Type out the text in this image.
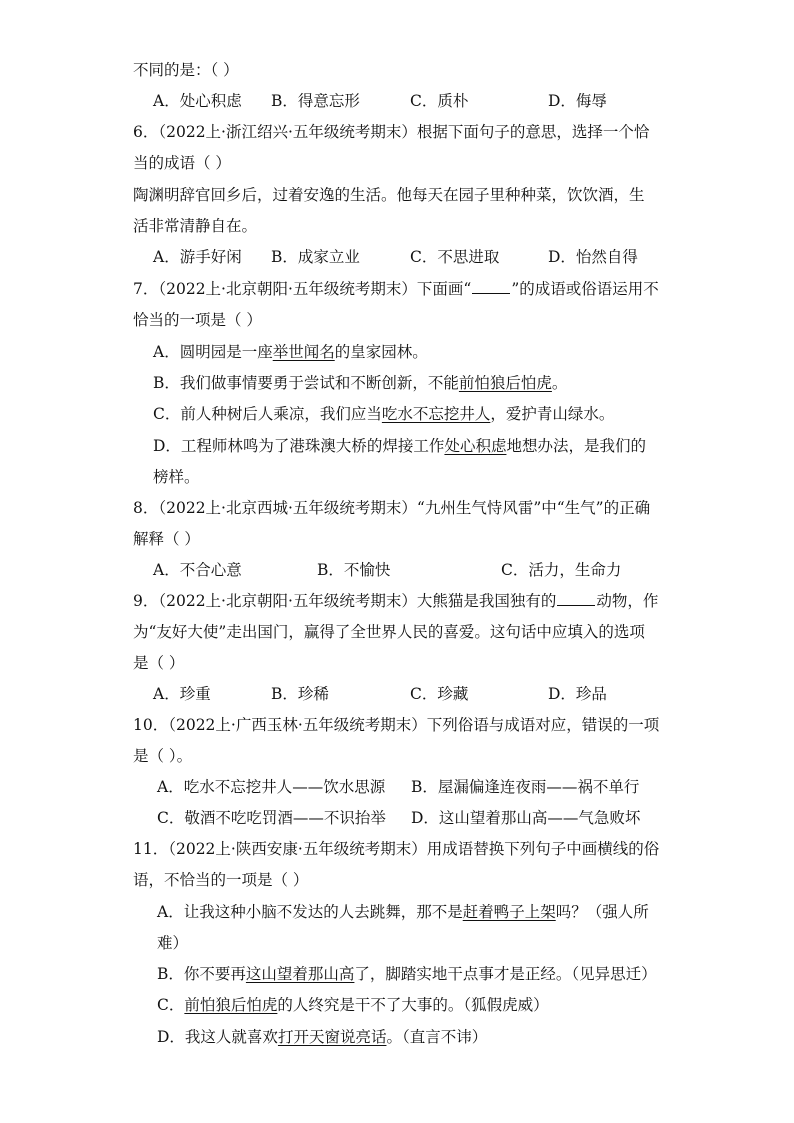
不同的是：（ ）
A．处心积虑 B．得意忘形	C．质朴	D．侮辱
6．（2022上·浙江绍兴·五年级统考期末）根据下面句子的意思，选择一个恰
当的成语（ ）
陶渊明辞官回乡后，过着安逸的生活。他每天在园子里种种菜，饮饮酒，生
活非常清静自在。
A．游手好闲 B．成家立业	C．不思进取	D．怡然自得
7．（2022上·北京朝阳·五年级统考期末）下面画“	”的成语或俗语运用不
恰当的一项是（ ）
A．圆明园是一座举世闻名的皇家园林。
B．我们做事情要勇于尝试和不断创新，不能前怕狼后怕虎。
C．前人种树后人乘凉，我们应当吃水不忘挖井人，爱护青山绿水。
D．工程师林鸣为了港珠澳大桥的焊接工作处心积虑地想办法，是我们的
榜样。
8．（2022上·北京西城·五年级统考期末）“九州生气恃风雷”中“生气”的正确
解释（ ）
A．不合心意	B．不愉快	C．活力，生命力
9．（2022上·北京朝阳·五年级统考期末）大熊猫是我国独有的	动物，作
为“友好大使”走出国门，赢得了全世界人民的喜爱。这句话中应填入的选项
是（ ）
A．珍重	B．珍稀	C．珍藏	D．珍品
10．（2022上·广西玉林·五年级统考期末）下列俗语与成语对应，错误的一项
是（ ）。
A．吃水不忘挖井人——饮水思源 B．屋漏偏逢连夜雨——祸不单行
C．敬酒不吃吃罚酒——不识抬举 D．这山望着那山高——气急败坏
11．（2022上·陕西安康·五年级统考期末）用成语替换下列句子中画横线的俗
语，不恰当的一项是（ ）
A．让我这种小脑不发达的人去跳舞，那不是赶着鸭子上架吗？（强人所
难）
B．你不要再这山望着那山高了，脚踏实地干点事才是正经。（见异思迁）
C．前怕狼后怕虎的人终究是干不了大事的。（狐假虎威）
D．我这人就喜欢打开天窗说亮话。（直言不讳）
